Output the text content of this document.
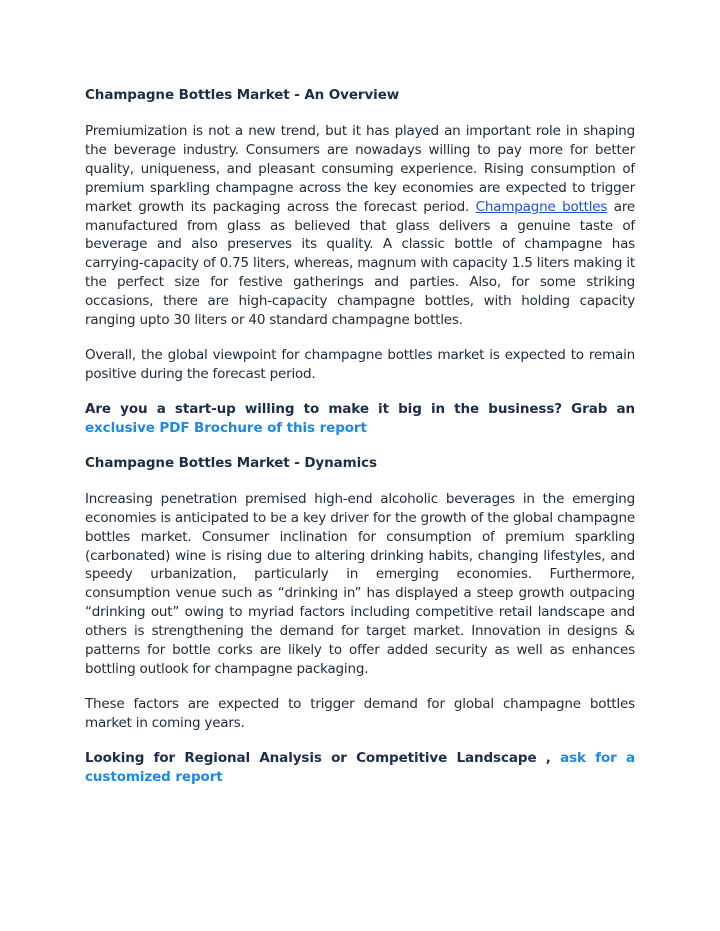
Champagne Bottles Market - An Overview

Premiumization is not a new trend, but it has played an important role in shaping the beverage industry. Consumers are nowadays willing to pay more for better quality, uniqueness, and pleasant consuming experience. Rising consumption of premium sparkling champagne across the key economies are expected to trigger market growth its packaging across the forecast period. Champagne bottles are manufactured from glass as believed that glass delivers a genuine taste of beverage and also preserves its quality. A classic bottle of champagne has carrying-capacity of 0.75 liters, whereas, magnum with capacity 1.5 liters making it the perfect size for festive gatherings and parties. Also, for some striking occasions, there are high-capacity champagne bottles, with holding capacity ranging upto 30 liters or 40 standard champagne bottles.

Overall, the global viewpoint for champagne bottles market is expected to remain positive during the forecast period.

Are you a start-up willing to make it big in the business? Grab an exclusive PDF Brochure of this report

Champagne Bottles Market - Dynamics

Increasing penetration premised high-end alcoholic beverages in the emerging economies is anticipated to be a key driver for the growth of the global champagne bottles market. Consumer inclination for consumption of premium sparkling (carbonated) wine is rising due to altering drinking habits, changing lifestyles, and speedy urbanization, particularly in emerging economies. Furthermore, consumption venue such as “drinking in” has displayed a steep growth outpacing “drinking out” owing to myriad factors including competitive retail landscape and others is strengthening the demand for target market. Innovation in designs & patterns for bottle corks are likely to offer added security as well as enhances bottling outlook for champagne packaging.

These factors are expected to trigger demand for global champagne bottles market in coming years.

Looking for Regional Analysis or Competitive Landscape , ask for a customized report
